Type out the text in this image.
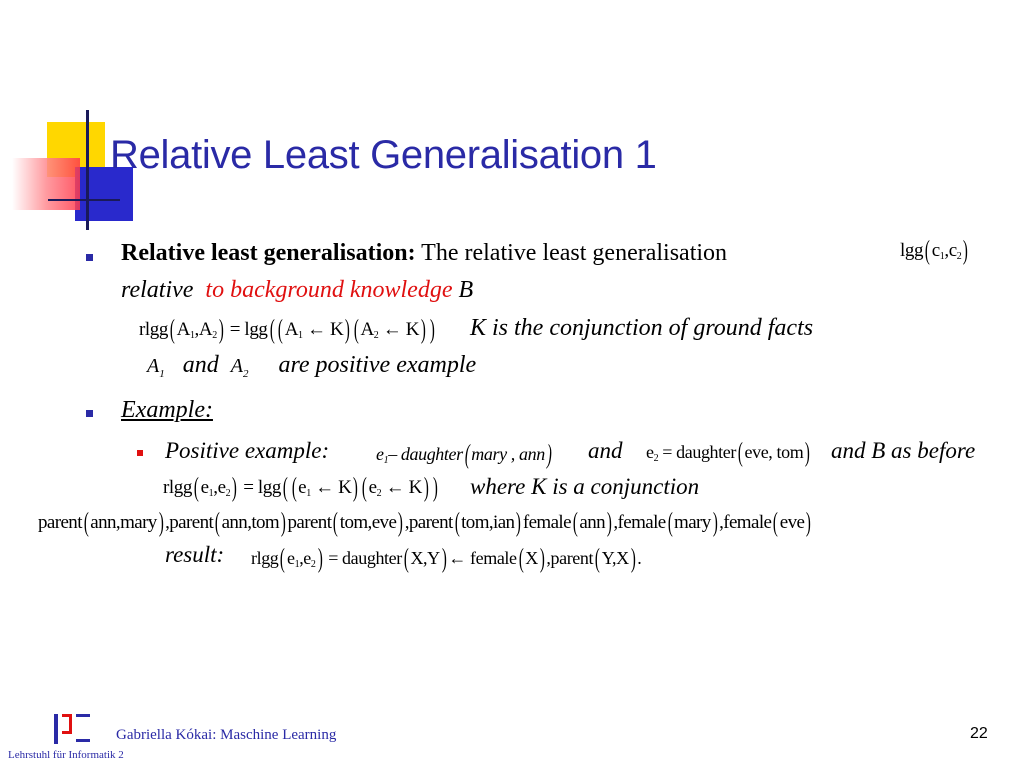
Relative Least Generalisation 1
Relative least generalisation: The relative least generalisation	lgg( $c_1,c_2$)
relative to background knowledge B
rlgg( $A_1,A_2) = \lg g$( ( $A_1$ ← K) ( $A_2$ ← K) ) K is the conjunction of ground facts
$A_1$ and $A_2$ are positive example
Example:
Positive example:	$e_1-$ daughter( mary , ann) and $e_2$ = daughter( eve, tom) and B as before
rlgg( $e_1,e_2) = \lg g$( ( $e_1$ ← K) ( $e_2$ ← K) ) where K is a conjunction
parent(ann,mary),parent(ann,tom)parent(tom,eve),parent(tom,ian)female(ann),female(mary),female(eve)
result: rlgg( $e_1,e_2$) = daughter( X,Y) ← female( X) ,parent( Y,X) .
Gabriella Kókai: Maschine Learning
Lehrstuhl für Informatik 2
22
